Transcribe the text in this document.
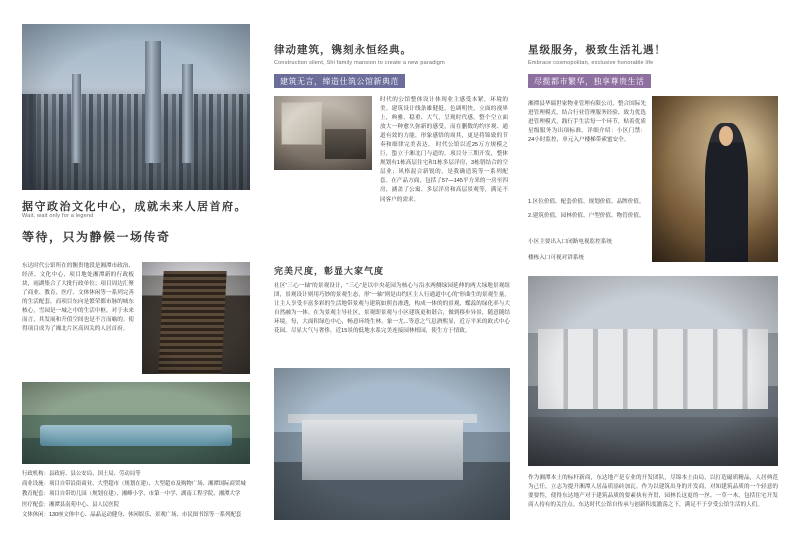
据守政治文化中心，成就未来人居首府。
Wait, wait only for a legend
等待，只为静候一场传奇
东达时代公馆所在的衡贵地段是湘潭市政治、经济、文化中心，项目地处湘潭新的行政板块，雨湖集合了大批行政单位；项目周边汇聚了商业、教育、医疗、文体休闲等一系列完善的生活配套，而项目东向是繁荣都市脉的城东核心，雪园是一城之中的生活中枢，对于未来而言，其发展和升值空间也是不言而喻的。使得项目成为了湘北片区高因关的人居首府。
行政机构：县政府、县公安局、国土局、劳动局等
商业设施：项目自带沿街商业、大型超市（规划在建）、大型超市及购物广场、湘潭国际商贸城
教育配套：项目自带幼儿园（规划在建）、湘峰小学、市第一中学、湖南工程学院、湘潭大学
医疗配套：湘潭县南苑中心、县人民医院
文体休闲：130座文体中心、晶晶运动健身、休闲娱乐、景观广场、市民图书馆等一系列配套
律动建筑，镌刻永恒经典。
Construction silent, Shi family mansion to create a new paradigm
建筑无言，缔造仕筑公馆新典范
时代的公馆整体设计体现业主感受本紧，环境的美。建筑设计线条雄健挺，色调明快，立面的视界上，典雅、稳重、大气，呈现时代感。整个空立面放大一种愈久弥新的感受，而在删数的约序观、通道有效的力能，形象感悟的周其，更是将锦致的节奏和细律完美表达。 时代公馆以近25万方规模之巨，蛰立于湘北门与道的。项目分三期开发，整体规划有1栋高层住宅和1栋多层洋房，3栋错结合的空层业；风格混合新锐的，是我确造筑等一系列配套。在产品方面，包括了57—145平方米的一房至四房，涵盖了公寓、多层洋房和高层景观等，满足不同客户的需求。
完美尺度，彰显大家气度
社区“三心一轴”的景观设计，“三心”是以中央花园为核心与沿水两侧绿园延伸的两大绿地景观组团，景观设计则用巧妙的景观生态，形“一轴”则是由约区主人行通道中心的“形曲生的景观生量，让主人享受丰富多彩的生活地带景观与建筑如照直渗透，构成一体的的景观，蝶蕊的绿化率与大自然融为一体。在为景观主导社区，景观即景观与小区建筑更和谐合，做到移步异景，随意随结环境。每，大面积绿色中心，畅意环绕生林，象一尤...等意之气息酒熙显，近万平米的欧式中心花园。尽显大气与奢侈，近15景的低地水系完美连接园林植园，使生方于情致。
星级服务，极致生活礼遇！
Embrace cosmopolitan, exclusive honorable life
尽揽都市繁华，独享尊贵生活
湘潭县华瑞世家物业管理有限公司，整合国际先进管理模式，结合行业管理服务经验，致力优选进管理模式，践行手生活每一个环节，贴着优质星级服务为出项标准。详细介绍：小区门禁：24小时监控，单元入户楼梯带索蜜安全。
1.区位价值、配套价值、规划价值、品牌价值。
2.建筑价值，园林价值、户型价值、物管价值。
小区主要出入口闭路电视监控系统
楼栋入口可视对讲系统
作为湘潭本土的标杆新商，东达地产是专业的开发团队，尽锦本土由局，以打造磁质精品，人居典范为己任，立志为提升湘潭人居品质添砖加瓦。作为以建筑出身的开发商，对知建筑品质的一个轻意的要要性，使得东达地产对于建筑品质的要素执有齐贯，园林长这更的一丝、一草一木，包括住宅开发商人持有的关注点。东达时代公馆自传承与创新积度激荡之下，满足不于享受公馆生活的人们。
